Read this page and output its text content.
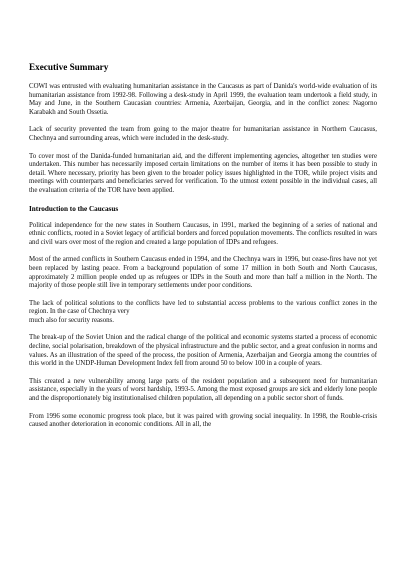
Executive Summary

COWI was entrusted with evaluating humanitarian assistance in the Caucasus as part of Danida's world-wide evaluation of its humanitarian assistance from 1992-98. Following a desk-study in April 1999, the evaluation team undertook a field study, in May and June, in the Southern Caucasian countries: Armenia, Azerbaijan, Georgia, and in the conflict zones: Nagorno Karabakh and South Ossetia.

Lack of security prevented the team from going to the major theatre for humanitarian assistance in Northern Caucasus, Chechnya and surrounding areas, which were included in the desk-study.

To cover most of the Danida-funded humanitarian aid, and the different implementing agencies, altogether ten studies were undertaken. This number has necessarily imposed certain limitations on the number of items it has been possible to study in detail. Where necessary, priority has been given to the broader policy issues highlighted in the TOR, while project visits and meetings with counterparts and beneficiaries served for verification. To the utmost extent possible in the individual cases, all the evaluation criteria of the TOR have been applied.

Introduction to the Caucasus

Political independence for the new states in Southern Caucasus, in 1991, marked the beginning of a series of national and ethnic conflicts, rooted in a Soviet legacy of artificial borders and forced population movements. The conflicts resulted in wars and civil wars over most of the region and created a large population of IDPs and refugees.

Most of the armed conflicts in Southern Caucasus ended in 1994, and the Chechnya wars in 1996, but cease-fires have not yet been replaced by lasting peace. From a background population of some 17 million in both South and North Caucasus, approximately 2 million people ended up as refugees or IDPs in the South and more than half a million in the North. The majority of those people still live in temporary settlements under poor conditions.

The lack of political solutions to the conflicts have led to substantial access problems to the various conflict zones in the region. In the case of Chechnya very

much also for security reasons.

The break-up of the Soviet Union and the radical change of the political and economic systems started a process of economic decline, social polarisation, breakdown of the physical infrastructure and the public sector, and a great confusion in norms and values. As an illustration of the speed of the process, the position of Armenia, Azerbaijan and Georgia among the countries of this world in the UNDP-Human Development Index fell from around 50 to below 100 in a couple of years.

This created a new vulnerability among large parts of the resident population and a subsequent need for humanitarian assistance, especially in the years of worst hardship, 1993-5. Among the most exposed groups are sick and elderly lone people and the disproportionately big institutionalised children population, all depending on a public sector short of funds.

From 1996 some economic progress took place, but it was paired with growing social inequality. In 1998, the Rouble-crisis caused another deterioration in economic conditions. All in all, the
